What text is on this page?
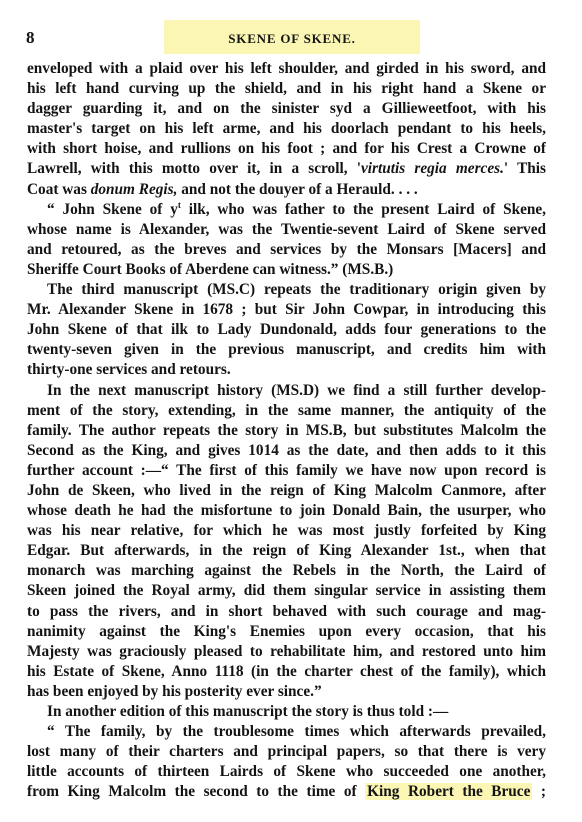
8	SKENE OF SKENE.
enveloped with a plaid over his left shoulder, and girded in his sword, and
his left hand curving up the shield, and in his right hand a Skene or
dagger guarding it, and on the sinister syd a Gillieweetfoot, with his
master's target on his left arme, and his doorlach pendant to his heels,
with short hoise, and rullions on his foot ; and for his Crest a Crowne of
Lawrell, with this motto over it, in a scroll, 'virtutis regia merces.' This
Coat was donum Regis, and not the douyer of a Herauld. . . .
“ John Skene of $y^t$ ilk, who was father to the present Laird of Skene,
whose name is Alexander, was the Twentie-sevent Laird of Skene served
and retoured, as the breves and services by the Monsars [Macers] and
Sheriffe Court Books of Aberdene can witness.” (MS.B.)
The third manuscript (MS.C) repeats the traditionary origin given by
Mr. Alexander Skene in 1678 ; but Sir John Cowpar, in introducing this
John Skene of that ilk to Lady Dundonald, adds four generations to the
twenty-seven given in the previous manuscript, and credits him with
thirty-one services and retours.
In the next manuscript history (MS.D) we find a still further develop-
ment of the story, extending, in the same manner, the antiquity of the
family. The author repeats the story in MS.B, but substitutes Malcolm the
Second as the King, and gives 1014 as the date, and then adds to it this
further account :—“ The first of this family we have now upon record is
John de Skeen, who lived in the reign of King Malcolm Canmore, after
whose death he had the misfortune to join Donald Bain, the usurper, who
was his near relative, for which he was most justly forfeited by King
Edgar. But afterwards, in the reign of King Alexander 1st., when that
monarch was marching against the Rebels in the North, the Laird of
Skeen joined the Royal army, did them singular service in assisting them
to pass the rivers, and in short behaved with such courage and mag-
nanimity against the King's Enemies upon every occasion, that his
Majesty was graciously pleased to rehabilitate him, and restored unto him
his Estate of Skene, Anno 1118 (in the charter chest of the family), which
has been enjoyed by his posterity ever since.”
In another edition of this manuscript the story is thus told :—
“ The family, by the troublesome times which afterwards prevailed,
lost many of their charters and principal papers, so that there is very
little accounts of thirteen Lairds of Skene who succeeded one another,
from King Malcolm the second to the time of King Robert the Bruce ;
